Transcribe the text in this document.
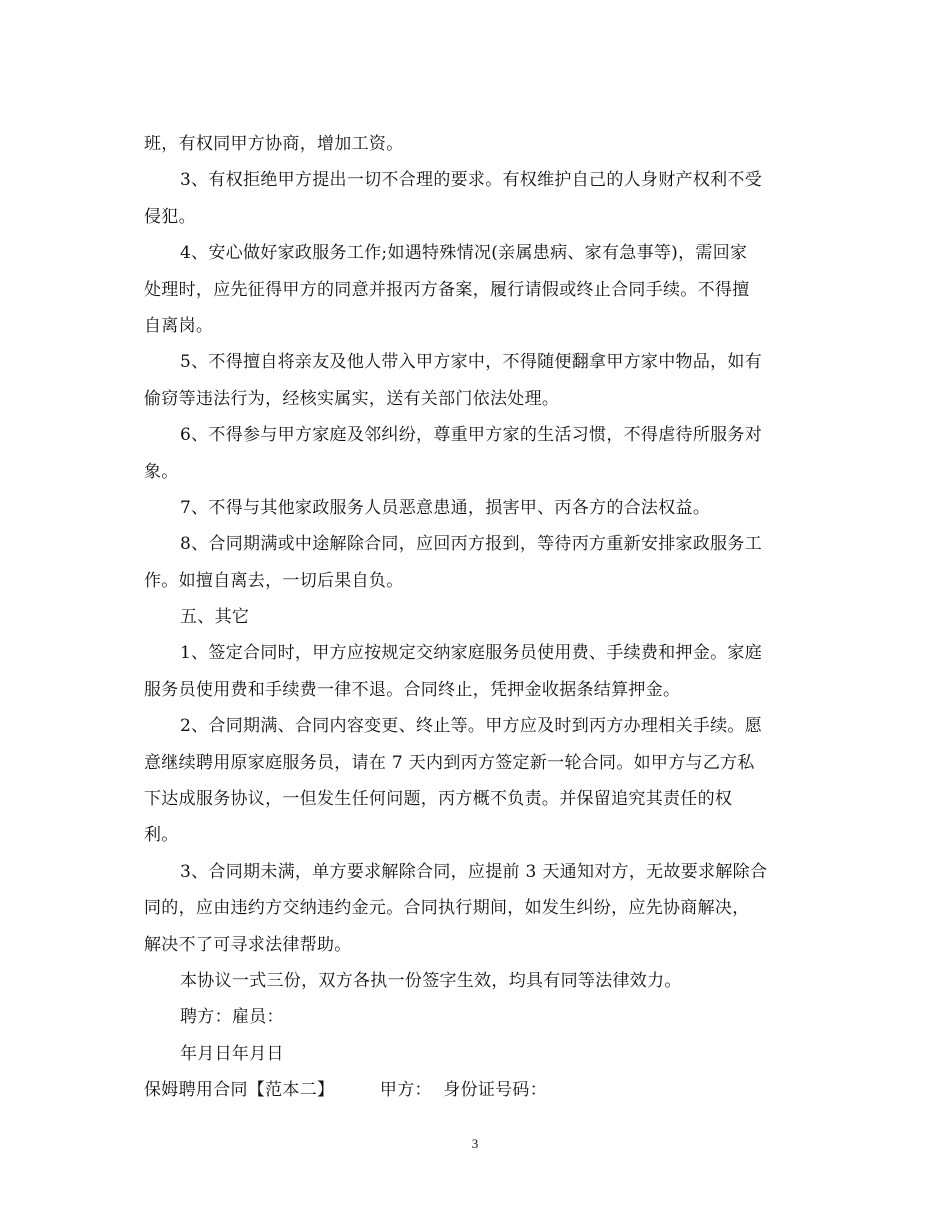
班，有权同甲方协商，增加工资。
3、有权拒绝甲方提出一切不合理的要求。有权维护自己的人身财产权利不受
侵犯。
4、安心做好家政服务工作;如遇特殊情况(亲属患病、家有急事等)，需回家
处理时，应先征得甲方的同意并报丙方备案，履行请假或终止合同手续。不得擅
自离岗。
5、不得擅自将亲友及他人带入甲方家中，不得随便翻拿甲方家中物品，如有
偷窃等违法行为，经核实属实，送有关部门依法处理。
6、不得参与甲方家庭及邻纠纷，尊重甲方家的生活习惯，不得虐待所服务对
象。
7、不得与其他家政服务人员恶意患通，损害甲、丙各方的合法权益。
8、合同期满或中途解除合同，应回丙方报到，等待丙方重新安排家政服务工
作。如擅自离去，一切后果自负。
五、其它
1、签定合同时，甲方应按规定交纳家庭服务员使用费、手续费和押金。家庭
服务员使用费和手续费一律不退。合同终止，凭押金收据条结算押金。
2、合同期满、合同内容变更、终止等。甲方应及时到丙方办理相关手续。愿
意继续聘用原家庭服务员，请在 7 天内到丙方签定新一轮合同。如甲方与乙方私
下达成服务协议，一但发生任何问题，丙方概不负责。并保留追究其责任的权
利。
3、合同期未满，单方要求解除合同，应提前 3 天通知对方，无故要求解除合
同的，应由违约方交纳违约金元。合同执行期间，如发生纠纷，应先协商解决，
解决不了可寻求法律帮助。
本协议一式三份，双方各执一份签字生效，均具有同等法律效力。
聘方：雇员：
年月日年月日
保姆聘用合同【范本二】        甲方：  身份证号码：
3
